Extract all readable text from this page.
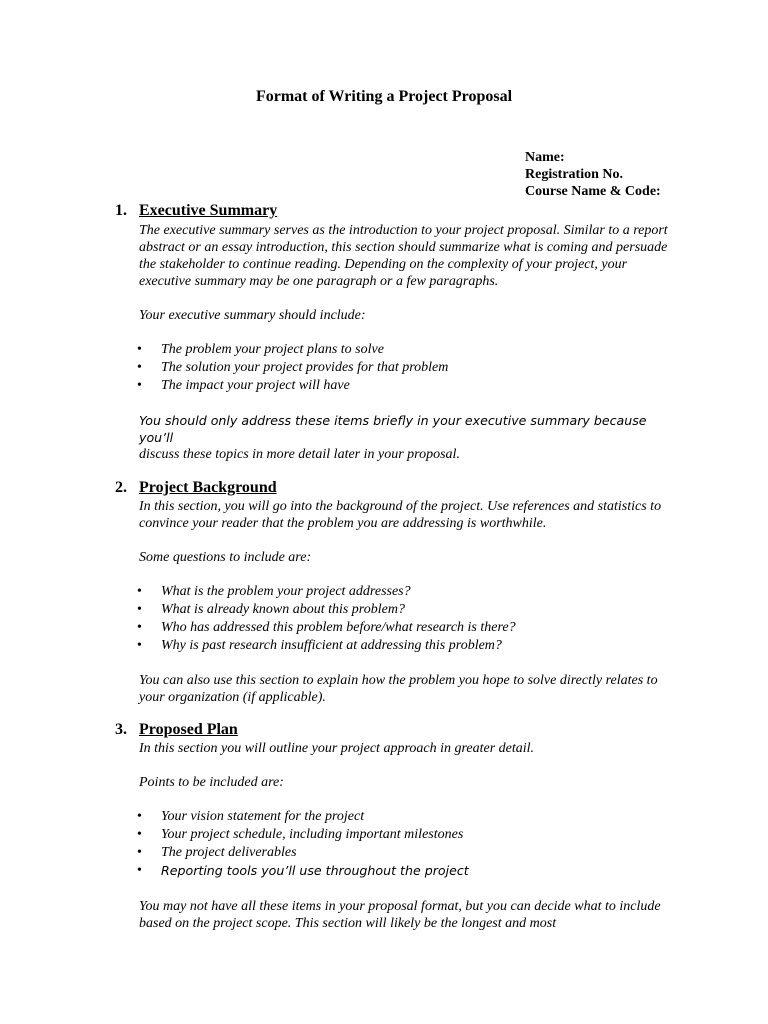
Format of Writing a Project Proposal
Name:
Registration No.
Course Name & Code:
1. Executive Summary

The executive summary serves as the introduction to your project proposal. Similar to a report abstract or an essay introduction, this section should summarize what is coming and persuade the stakeholder to continue reading. Depending on the complexity of your project, your executive summary may be one paragraph or a few paragraphs.

Your executive summary should include:

• The problem your project plans to solve
• The solution your project provides for that problem
• The impact your project will have

You should only address these items briefly in your executive summary because you’ll

discuss these topics in more detail later in your proposal.

2. Project Background

In this section, you will go into the background of the project. Use references and statistics to convince your reader that the problem you are addressing is worthwhile.

Some questions to include are:

• What is the problem your project addresses?
• What is already known about this problem?
• Who has addressed this problem before/what research is there?
• Why is past research insufficient at addressing this problem?

You can also use this section to explain how the problem you hope to solve directly relates to your organization (if applicable).

3. Proposed Plan

In this section you will outline your project approach in greater detail.

Points to be included are:

• Your vision statement for the project
• Your project schedule, including important milestones
• The project deliverables
• Reporting tools you’ll use throughout the project

You may not have all these items in your proposal format, but you can decide what to include based on the project scope. This section will likely be the longest and most
